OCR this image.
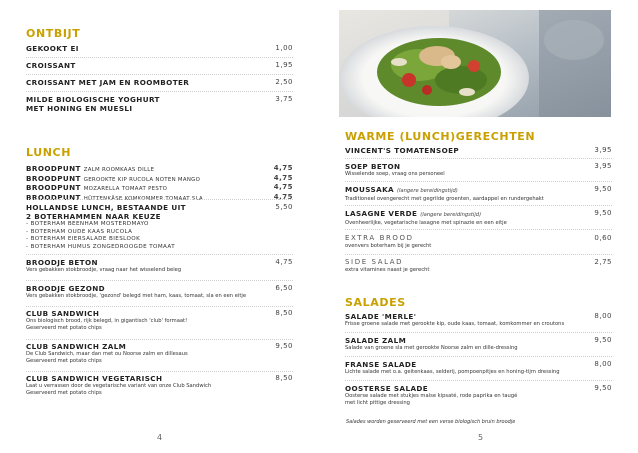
ONTBIJT
GEKOOKT EI	1,00
CROISSANT	1,95
CROISSANT MET JAM EN ROOMBOTER	2,50
MILDE BIOLOGISCHE YOGHURT
MET HONING EN MUESLI
3,75
LUNCH
BROODPUNT ZALM ROOMKAAS DILLE	4,75
BROODPUNT GEROOKTE KIP RUCOLA NOTEN MANGO	4,75
BROODPUNT MOZARELLA TOMAAT PESTO	4,75
BROODPUNT HÜTTENKÄSE KOMKOMMER TOMAAT SLA	4,75
HOLLANDSE LUNCH, BESTAANDE UIT
2 BOTERHAMMEN NAAR KEUZE
5,50
- BOTERHAM BEENHAM MOSTERDMAYO
- BOTERHAM OUDE KAAS RUCOLA
- BOTERHAM EIERSALADE BIESLOOK
- BOTERHAM HUMUS ZONGEDROOGDE TOMAAT
BROODJE BETON	4,75
Vers gebakken stokbroodje, vraag naar het wisselend beleg
BROODJE GEZOND	6,50
Vers gebakken stokbroodje, 'gezond' belegd met ham, kaas, tomaat, sla en een eitje
CLUB SANDWICH	8,50
Ons biologisch brood, rijk belegd, in gigantisch 'club' formaat!
Geserveerd met potato chips
CLUB SANDWICH ZALM	9,50
De Club Sandwich, maar dan met ou Noorse zalm en dillesaus
Geserveerd met potato chips
CLUB SANDWICH VEGETARISCH	8,50
Laat u verrassen door de vegetarische variant van onze Club Sandwich
Geserveerd met potato chips
4
WARME (LUNCH)GERECHTEN
VINCENT'S TOMATENSOEP	3,95
SOEP BETON	3,95
Wisselende soep, vraag ons personeel
MOUSSAKA (langere bereidingstijd)	9,50
Traditioneel ovengerecht met gegrilde groenten, aardappel en rundergehakt
LASAGNE VERDE (langere bereidingstijd)	9,50
Ovenheerlijke, vegetarische lasagne met spinazie en een eitje
EXTRA BROOD	0,60
ovenvers boterham bij je gerecht
SIDE SALAD	2,75
extra vitamines naast je gerecht
SALADES
SALADE 'MERLE'	8,00
Frisse groene salade met gerookte kip, oude kaas, tomaat, komkommer en croutons
SALADE ZALM	9,50
Salade van groene sla met gerookte Noorse zalm en dille-dressing
FRANSE SALADE	8,00
Lichte salade met o.a. geitenkaas, selderij, pompoenpitjes en honing-tijm dressing
OOSTERSE SALADE	9,50
Oosterse salade met stukjes malse kipsaté, rode paprika en taugé
met licht pittige dressing
Salades worden geserveerd met een verse biologisch bruin broodje
5
